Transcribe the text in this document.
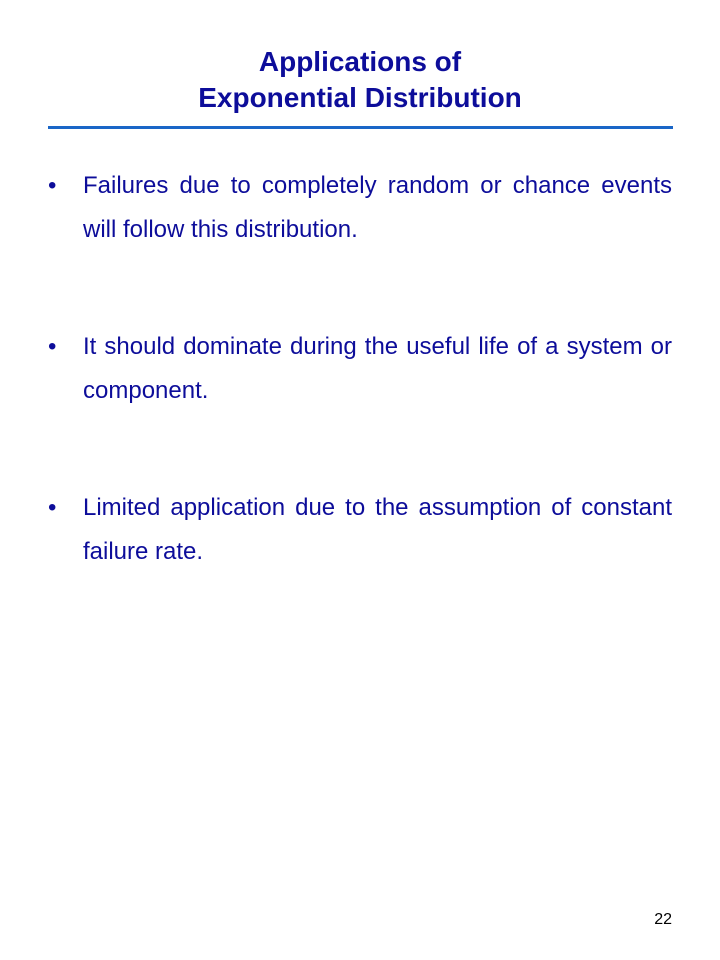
Applications of
Exponential Distribution
•	Failures due to completely random or chance events will follow this distribution.
•	It should dominate during the useful life of a system or component.
•	Limited application due to the assumption of constant failure rate.
22
